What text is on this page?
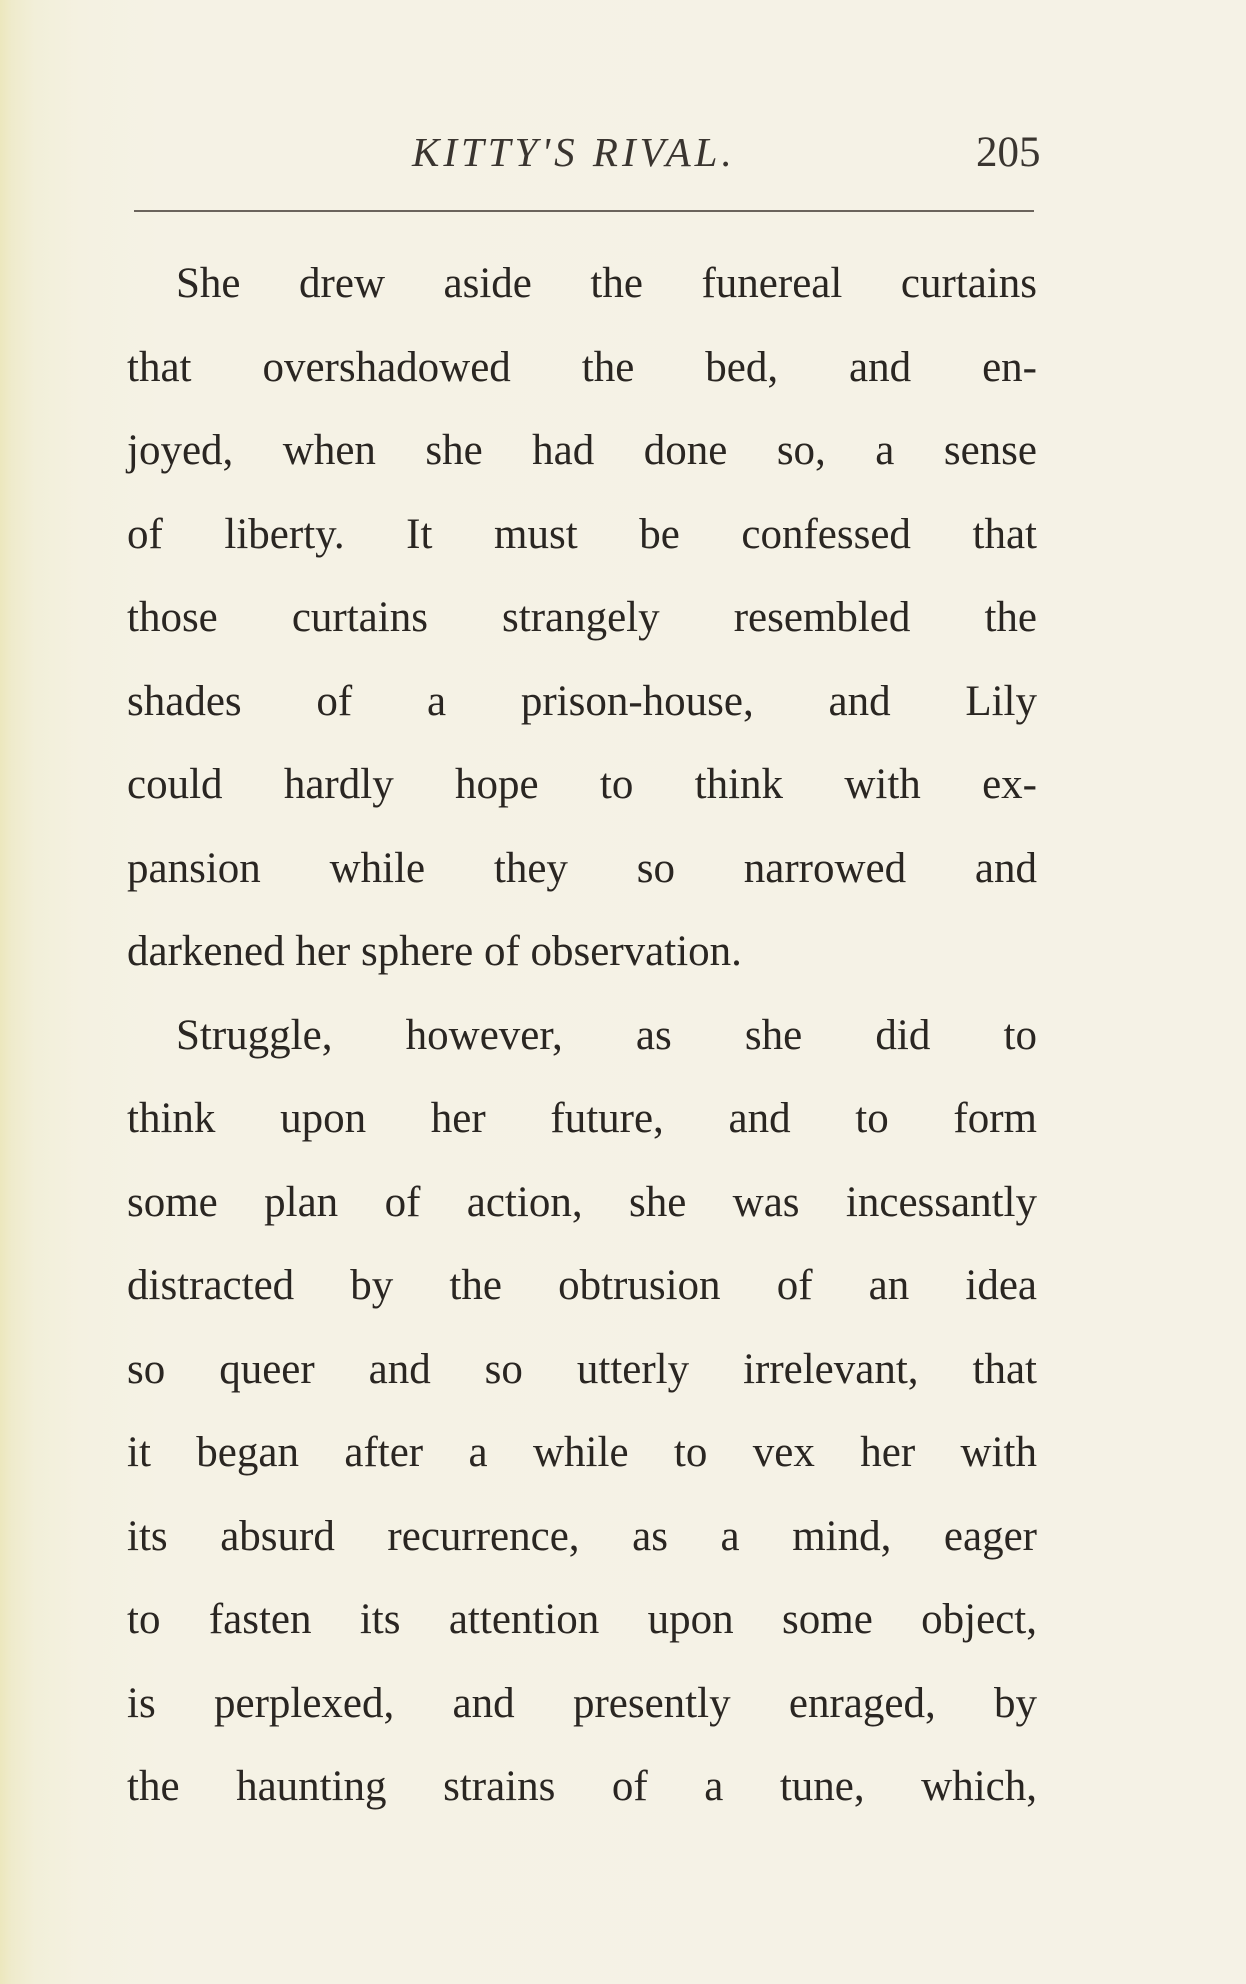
KITTY'S RIVAL.	205
She drew aside the funereal curtains
that overshadowed the bed, and en-
joyed, when she had done so, a sense
of liberty. It must be confessed that
those curtains strangely resembled the
shades of a prison-house, and Lily
could hardly hope to think with ex-
pansion while they so narrowed and
darkened her sphere of observation.
Struggle, however, as she did to
think upon her future, and to form
some plan of action, she was incessantly
distracted by the obtrusion of an idea
so queer and so utterly irrelevant, that
it began after a while to vex her with
its absurd recurrence, as a mind, eager
to fasten its attention upon some object,
is perplexed, and presently enraged, by
the haunting strains of a tune, which,
